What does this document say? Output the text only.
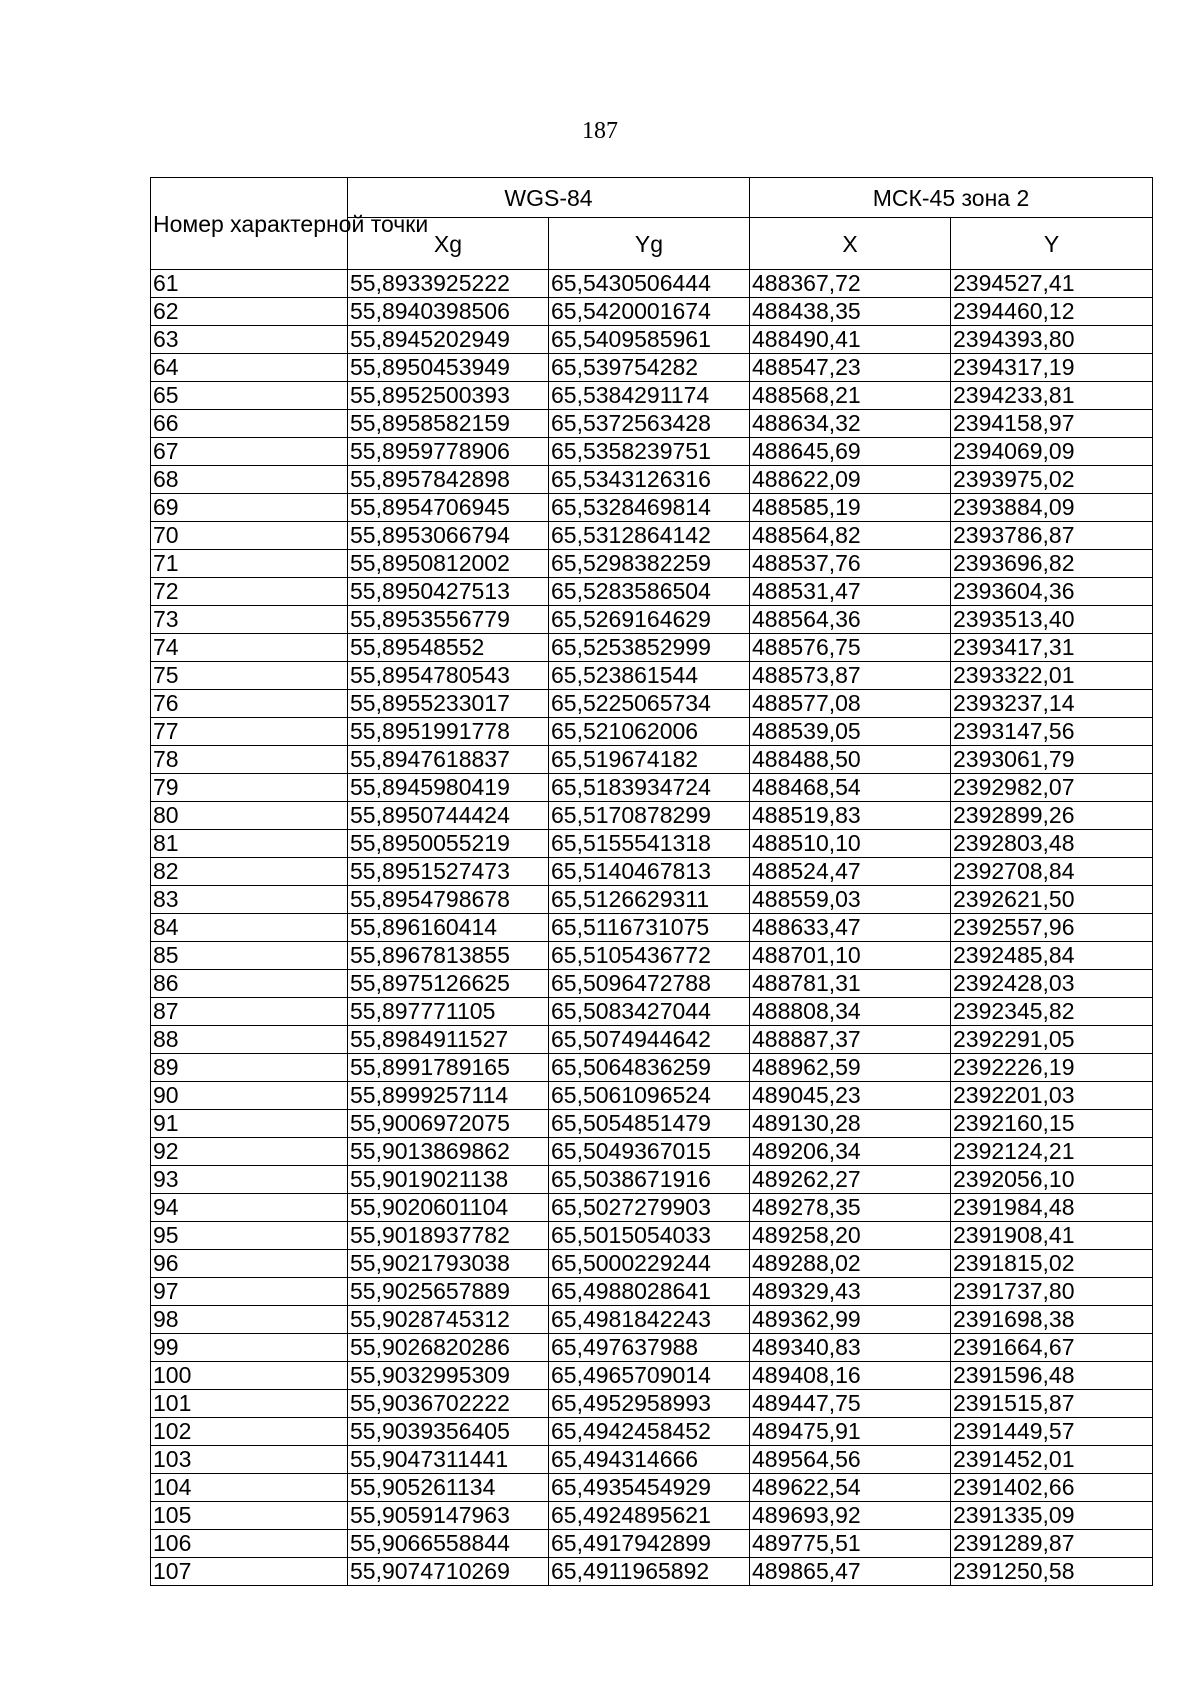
187
Номер характерной точки	WGS-84		МСК-45 зона 2	
	Xg	Yg	X	Y
61	55,8933925222	65,5430506444	488367,72	2394527,41
62	55,8940398506	65,5420001674	488438,35	2394460,12
63	55,8945202949	65,5409585961	488490,41	2394393,80
64	55,8950453949	65,539754282	488547,23	2394317,19
65	55,8952500393	65,5384291174	488568,21	2394233,81
66	55,8958582159	65,5372563428	488634,32	2394158,97
67	55,8959778906	65,5358239751	488645,69	2394069,09
68	55,8957842898	65,5343126316	488622,09	2393975,02
69	55,8954706945	65,5328469814	488585,19	2393884,09
70	55,8953066794	65,5312864142	488564,82	2393786,87
71	55,8950812002	65,5298382259	488537,76	2393696,82
72	55,8950427513	65,5283586504	488531,47	2393604,36
73	55,8953556779	65,5269164629	488564,36	2393513,40
74	55,89548552	65,5253852999	488576,75	2393417,31
75	55,8954780543	65,523861544	488573,87	2393322,01
76	55,8955233017	65,5225065734	488577,08	2393237,14
77	55,8951991778	65,521062006	488539,05	2393147,56
78	55,8947618837	65,519674182	488488,50	2393061,79
79	55,8945980419	65,5183934724	488468,54	2392982,07
80	55,8950744424	65,5170878299	488519,83	2392899,26
81	55,8950055219	65,5155541318	488510,10	2392803,48
82	55,8951527473	65,5140467813	488524,47	2392708,84
83	55,8954798678	65,5126629311	488559,03	2392621,50
84	55,896160414	65,5116731075	488633,47	2392557,96
85	55,8967813855	65,5105436772	488701,10	2392485,84
86	55,8975126625	65,5096472788	488781,31	2392428,03
87	55,897771105	65,5083427044	488808,34	2392345,82
88	55,8984911527	65,5074944642	488887,37	2392291,05
89	55,8991789165	65,5064836259	488962,59	2392226,19
90	55,8999257114	65,5061096524	489045,23	2392201,03
91	55,9006972075	65,5054851479	489130,28	2392160,15
92	55,9013869862	65,5049367015	489206,34	2392124,21
93	55,9019021138	65,5038671916	489262,27	2392056,10
94	55,9020601104	65,5027279903	489278,35	2391984,48
95	55,9018937782	65,5015054033	489258,20	2391908,41
96	55,9021793038	65,5000229244	489288,02	2391815,02
97	55,9025657889	65,4988028641	489329,43	2391737,80
98	55,9028745312	65,4981842243	489362,99	2391698,38
99	55,9026820286	65,497637988	489340,83	2391664,67
100	55,9032995309	65,4965709014	489408,16	2391596,48
101	55,9036702222	65,4952958993	489447,75	2391515,87
102	55,9039356405	65,4942458452	489475,91	2391449,57
103	55,9047311441	65,494314666	489564,56	2391452,01
104	55,905261134	65,4935454929	489622,54	2391402,66
105	55,9059147963	65,4924895621	489693,92	2391335,09
106	55,9066558844	65,4917942899	489775,51	2391289,87
107	55,9074710269	65,4911965892	489865,47	2391250,58
